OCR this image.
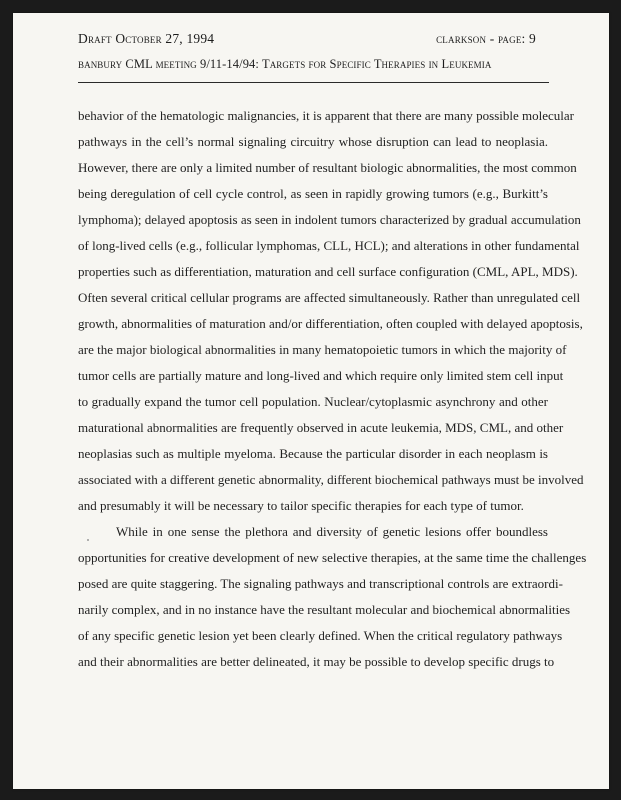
Draft October 27, 1994	clarkson - page: 9
banbury CML meeting 9/11-14/94: Targets for Specific Therapies in Leukemia

behavior of the hematologic malignancies, it is apparent that there are many possible molecular
pathways in the cell’s normal signaling circuitry whose disruption can lead to neoplasia.
However, there are only a limited number of resultant biologic abnormalities, the most common
being deregulation of cell cycle control, as seen in rapidly growing tumors (e.g., Burkitt’s
lymphoma); delayed apoptosis as seen in indolent tumors characterized by gradual accumulation
of long-lived cells (e.g., follicular lymphomas, CLL, HCL); and alterations in other fundamental
properties such as differentiation, maturation and cell surface configuration (CML, APL, MDS).
Often several critical cellular programs are affected simultaneously. Rather than unregulated cell
growth, abnormalities of maturation and/or differentiation, often coupled with delayed apoptosis,
are the major biological abnormalities in many hematopoietic tumors in which the majority of
tumor cells are partially mature and long-lived and which require only limited stem cell input
to gradually expand the tumor cell population. Nuclear/cytoplasmic asynchrony and other
maturational abnormalities are frequently observed in acute leukemia, MDS, CML, and other
neoplasias such as multiple myeloma. Because the particular disorder in each neoplasm is
associated with a different genetic abnormality, different biochemical pathways must be involved
and presumably it will be necessary to tailor specific therapies for each type of tumor.

While in one sense the plethora and diversity of genetic lesions offer boundless
opportunities for creative development of new selective therapies, at the same time the challenges
posed are quite staggering. The signaling pathways and transcriptional controls are extraordi-
narily complex, and in no instance have the resultant molecular and biochemical abnormalities
of any specific genetic lesion yet been clearly defined. When the critical regulatory pathways
and their abnormalities are better delineated, it may be possible to develop specific drugs to
